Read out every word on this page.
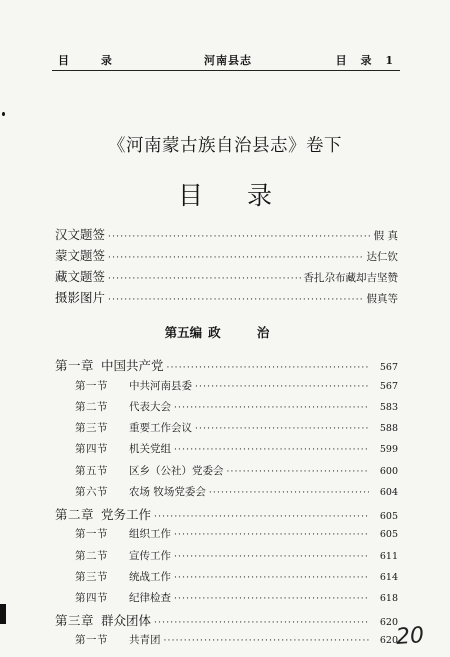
目 录	河南县志	目 录 1
《河南蒙古族自治县志》卷下
目 录
汉文题签 ·····	假 真
蒙文题签 ·····	达仁钦
藏文题签 ·····	香扎尕布藏却吉坚赞
摄影图片 ·····	假真等
第五编 政 治
第一章 中国共产党 ·····	567
第一节 中共河南县委 ·····	567
第二节 代表大会 ·····	583
第三节 重要工作会议 ·····	588
第四节 机关党组 ·····	599
第五节 区乡（公社）党委会 ·····	600
第六节 农场 牧场党委会 ·····	604
第二章 党务工作 ·····	605
第一节 组织工作 ·····	605
第二节 宣传工作 ·····	611
第三节 统战工作 ·····	614
第四节 纪律检查 ·····	618
第三章 群众团体 ·····	620
第一节 共青团 ·····	620
20
